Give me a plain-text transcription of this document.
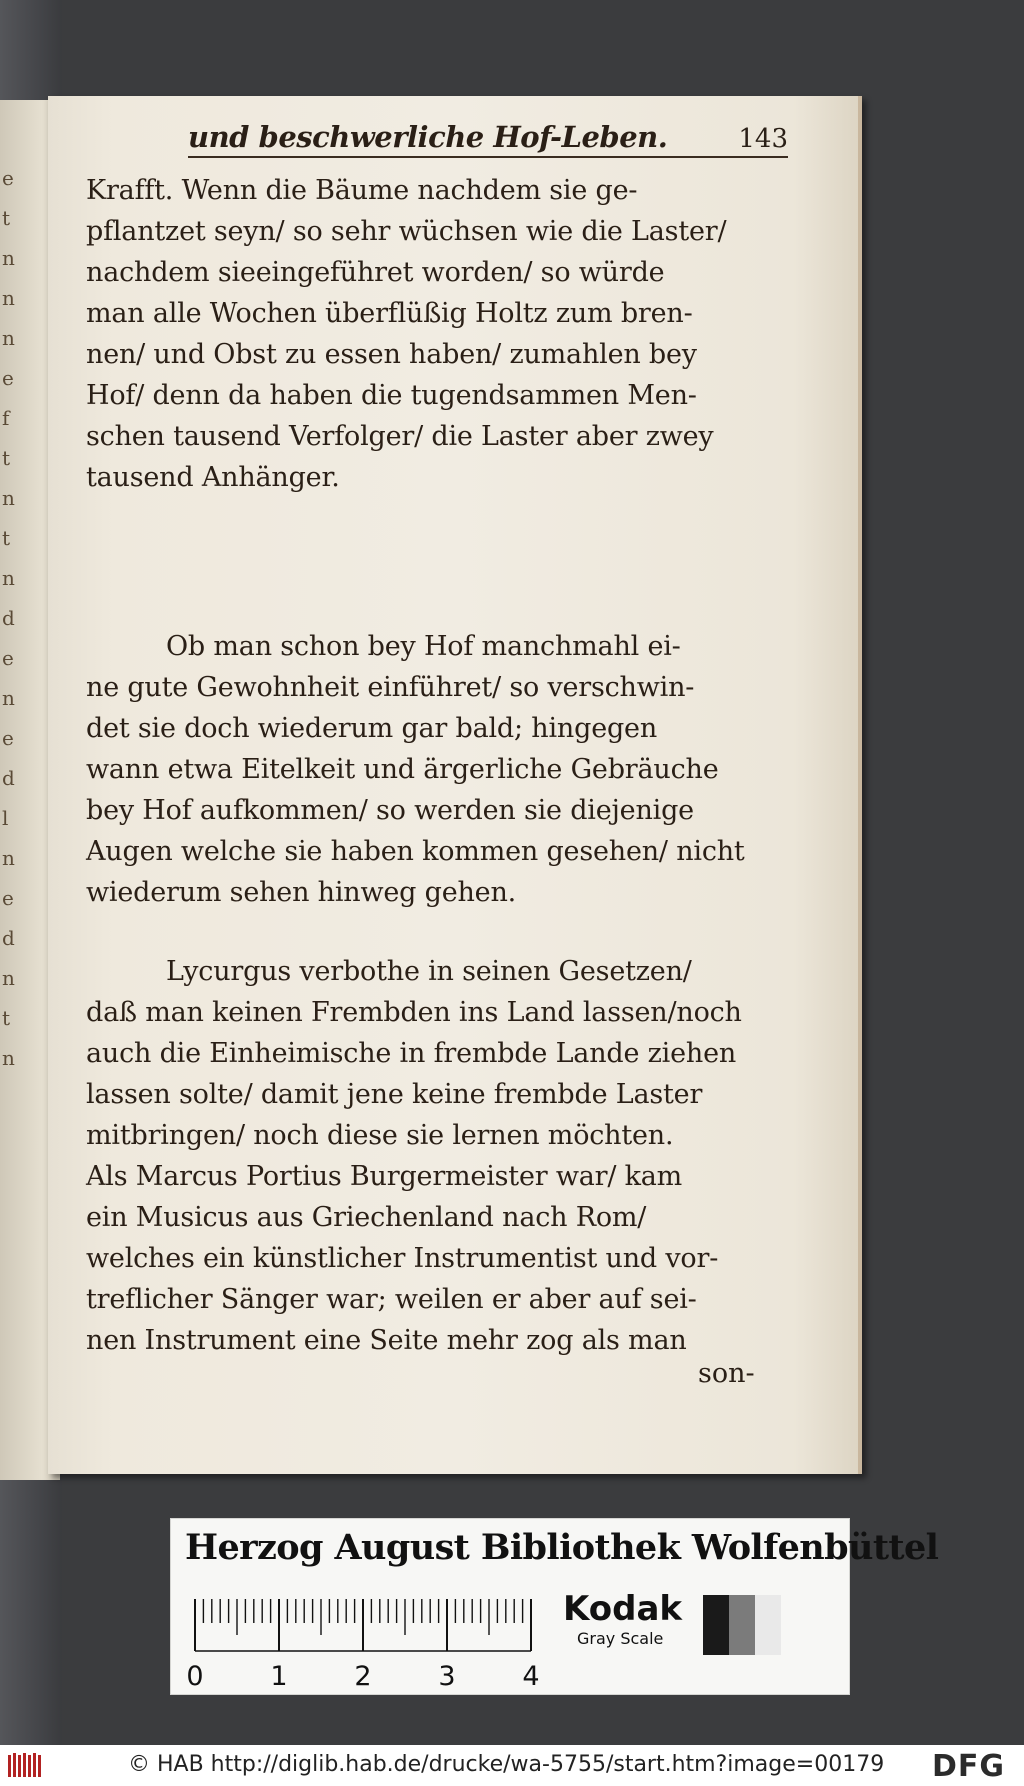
e
t
n
n
n
e
f
t
n
t
n
d
e
n
e
d
l
n
e
d
n
t
n
und beschwerliche Hof-Leben.	143
Krafft. Wenn die Bäume nachdem sie ge-
pflantzet seyn/ so sehr wüchsen wie die Laster/
nachdem sieeingeführet worden/ so würde
man alle Wochen überflüßig Holtz zum bren-
nen/ und Obst zu essen haben/ zumahlen bey
Hof/ denn da haben die tugendsammen Men-
schen tausend Verfolger/ die Laster aber zwey
tausend Anhänger.
Ob man schon bey Hof manchmahl ei-
ne gute Gewohnheit einführet/ so verschwin-
det sie doch wiederum gar bald; hingegen
wann etwa Eitelkeit und ärgerliche Gebräuche
bey Hof aufkommen/ so werden sie diejenige
Augen welche sie haben kommen gesehen/ nicht
wiederum sehen hinweg gehen.
Lycurgus verbothe in seinen Gesetzen/
daß man keinen Frembden ins Land lassen/noch
auch die Einheimische in frembde Lande ziehen
lassen solte/ damit jene keine frembde Laster
mitbringen/ noch diese sie lernen möchten.
Als Marcus Portius Burgermeister war/ kam
ein Musicus aus Griechenland nach Rom/
welches ein künstlicher Instrumentist und vor-
treflicher Sänger war; weilen er aber auf sei-
nen Instrument eine Seite mehr zog als man
son-
Herzog August Bibliothek Wolfenbüttel
0 1 2 3 4
Kodak
Gray Scale
© HAB http://diglib.hab.de/drucke/wa-5755/start.htm?image=00179 DFG
